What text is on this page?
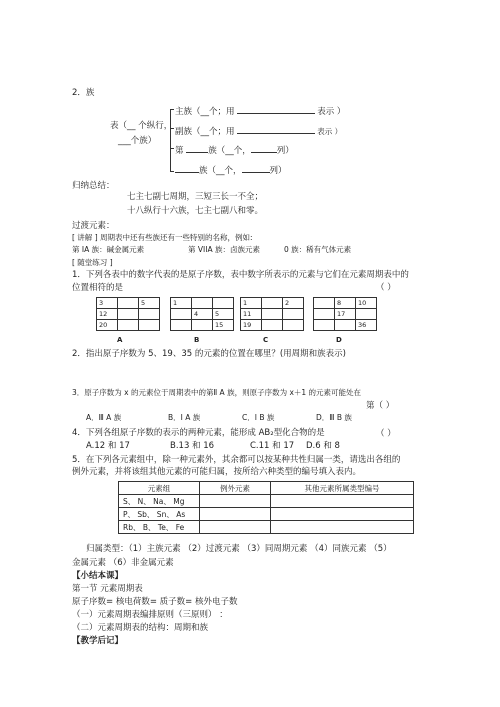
2．族
表（__ 个纵行，
___个族）
主族（__个；用	表示 ）
副族（__个；用	表示 ）
第	族（__个，	列）
族（__个，	列）
归纳总结：
七主七副七周期，三短三长一不全；
十八纵行十六族，七主七副八和零。
过渡元素：
[ 讲解 ] 周期表中还有些族还有一些特别的名称，例如:
第 IA 族：碱金属元素	第 VIIA 族：卤族元素	0 族：稀有气体元素
[ 随堂练习 ]
1．下列各表中的数字代表的是原子序数，表中数字所表示的元素与它们在元素周期表中的
位置相符的是	（ ）
3		5
12		
20		
A
1		
	4	5
		15
B
1		2
11		
19		
C
	8	10
	17	
		36
D
2．指出原子序数为 5、19、35 的元素的位置在哪里？(用周期和族表示)
3．原子序数为 x 的元素位于周期表中的第Ⅱ A 族，则原子序数为 x＋1 的元素可能处在
第（ ）
A．Ⅲ A 族	B．Ⅰ A 族	C．Ⅰ B 族	D．Ⅲ B 族
4．下列各组原子序数的表示的两种元素，能形成 AB₂型化合物的是	（ ）
A.12 和 17	B.13 和 16	C.11 和 17 D.6 和 8
5．在下列各元素组中，除一种元素外，其余都可以按某种共性归属一类，请选出各组的
例外元素，并将该组其他元素的可能归属，按所给六种类型的编号填入表内。
元素组	例外元素	其他元素所属类型编号
S、 N、 Na、 Mg		
P、 Sb、 Sn、 As		
Rb、 B、 Te、 Fe		
归属类型：（1）主族元素 （2）过渡元素 （3）同周期元素 （4）同族元素 （5）
金属元素 （6）非金属元素
【小结本课】
第一节 元素周期表
原子序数= 核电荷数= 质子数= 核外电子数
（一）元素周期表编排原则（三原则） ：
（二）元素周期表的结构：周期和族
【教学后记】
